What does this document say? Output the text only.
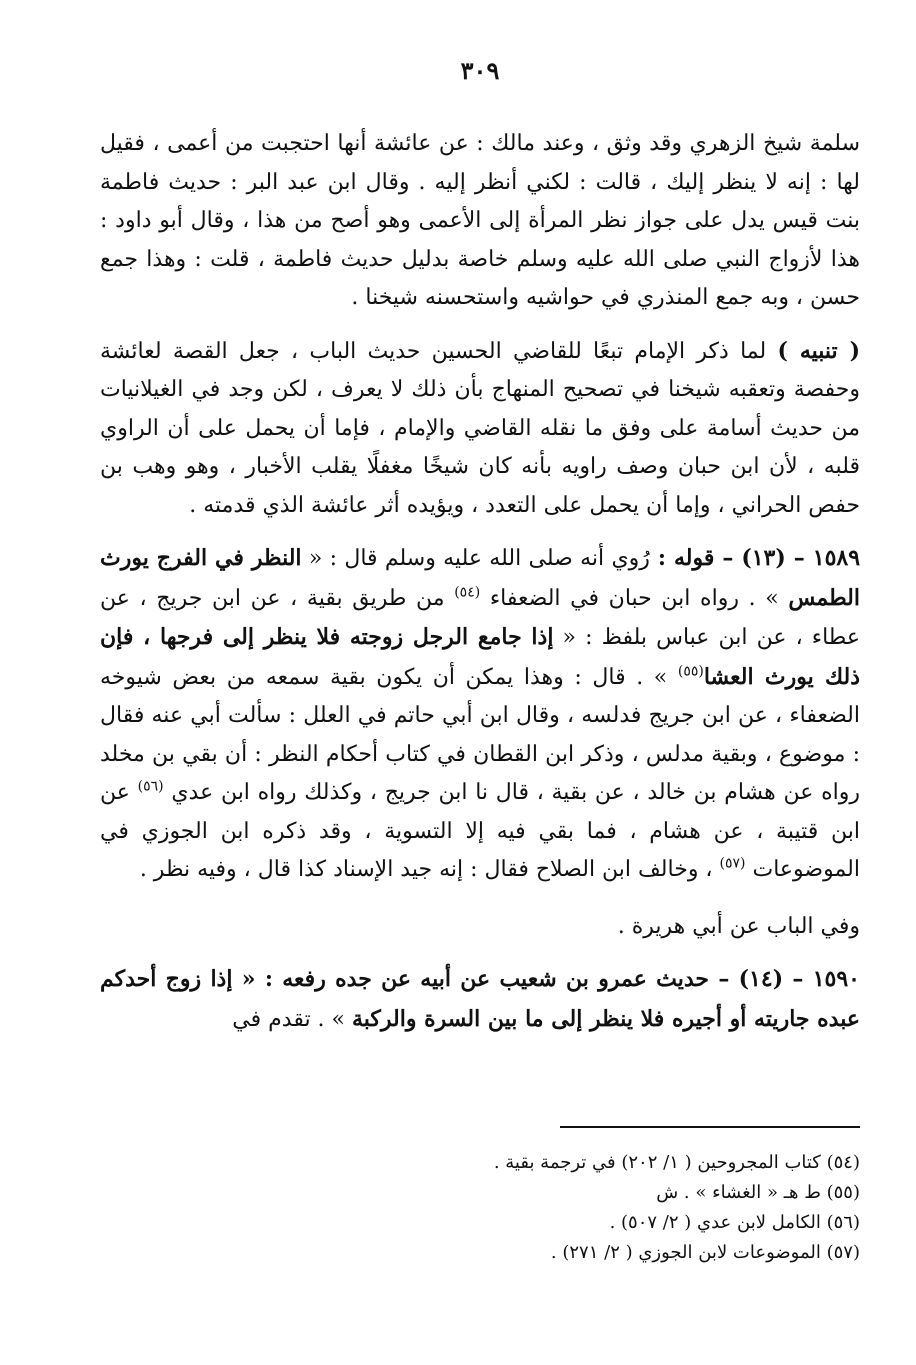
٣٠٩

سلمة شيخ الزهري وقد وثق ، وعند مالك : عن عائشة أنها احتجبت من أعمى ، فقيل لها : إنه لا ينظر إليك ، قالت : لكني أنظر إليه . وقال ابن عبد البر : حديث فاطمة بنت قيس يدل على جواز نظر المرأة إلى الأعمى وهو أصح من هذا ، وقال أبو داود : هذا لأزواج النبي صلى الله عليه وسلم خاصة بدليل حديث فاطمة ، قلت : وهذا جمع حسن ، وبه جمع المنذري في حواشيه واستحسنه شيخنا .

( تنبيه ) لما ذكر الإمام تبعًا للقاضي الحسين حديث الباب ، جعل القصة لعائشة وحفصة وتعقبه شيخنا في تصحيح المنهاج بأن ذلك لا يعرف ، لكن وجد في الغيلانيات من حديث أسامة على وفق ما نقله القاضي والإمام ، فإما أن يحمل على أن الراوي قلبه ، لأن ابن حبان وصف راويه بأنه كان شيخًا مغفلًا يقلب الأخبار ، وهو وهب بن حفص الحراني ، وإما أن يحمل على التعدد ، ويؤيده أثر عائشة الذي قدمته .

١٥٨٩ – (١٣) – قوله : رُوي أنه صلى الله عليه وسلم قال : « النظر في الفرج يورث الطمس » . رواه ابن حبان في الضعفاء $^{(٥٤)}$ من طريق بقية ، عن ابن جريج ، عن عطاء ، عن ابن عباس بلفظ : « إذا جامع الرجل زوجته فلا ينظر إلى فرجها ، فإن ذلك يورث العشا$^{(٥٥)}$ » . قال : وهذا يمكن أن يكون بقية سمعه من بعض شيوخه الضعفاء ، عن ابن جريج فدلسه ، وقال ابن أبي حاتم في العلل : سألت أبي عنه فقال : موضوع ، وبقية مدلس ، وذكر ابن القطان في كتاب أحكام النظر : أن بقي بن مخلد رواه عن هشام بن خالد ، عن بقية ، قال نا ابن جريج ، وكذلك رواه ابن عدي $^{(٥٦)}$ عن ابن قتيبة ، عن هشام ، فما بقي فيه إلا التسوية ، وقد ذكره ابن الجوزي في الموضوعات $^{(٥٧)}$ ، وخالف ابن الصلاح فقال : إنه جيد الإسناد كذا قال ، وفيه نظر .

وفي الباب عن أبي هريرة .

١٥٩٠ – (١٤) – حديث عمرو بن شعيب عن أبيه عن جده رفعه : « إذا زوج أحدكم عبده جاريته أو أجيره فلا ينظر إلى ما بين السرة والركبة » . تقدم في

(٥٤) كتاب المجروحين ( ١/ ٢٠٢) في ترجمة بقية .
(٥٥) ط هـ « الغشاء » . ش
(٥٦) الكامل لابن عدي ( ٢/ ٥٠٧) .
(٥٧) الموضوعات لابن الجوزي ( ٢/ ٢٧١) .
